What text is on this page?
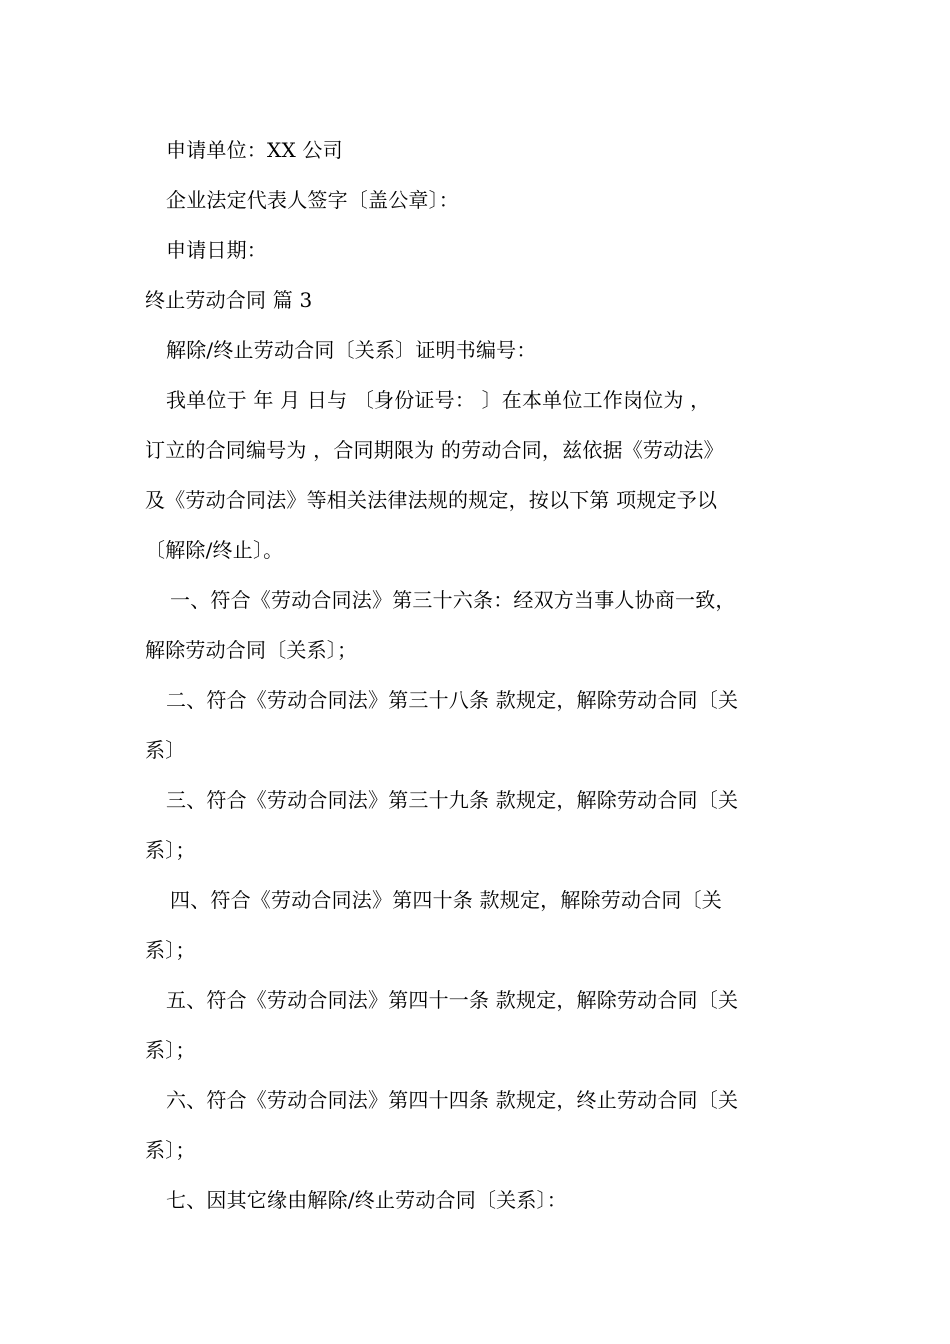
申请单位：XX 公司
企业法定代表人签字〔盖公章〕：
申请日期：
终止劳动合同 篇 3
解除/终止劳动合同〔关系〕证明书编号：
我单位于 年 月 日与 〔身份证号： 〕在本单位工作岗位为 ，
订立的合同编号为 ，合同期限为 的劳动合同，兹依据《劳动法》
及《劳动合同法》等相关法律法规的规定，按以下第 项规定予以
〔解除/终止〕。
一、符合《劳动合同法》第三十六条：经双方当事人协商一致，
解除劳动合同〔关系〕；
二、符合《劳动合同法》第三十八条 款规定，解除劳动合同〔关
系〕
三、符合《劳动合同法》第三十九条 款规定，解除劳动合同〔关
系〕；
四、符合《劳动合同法》第四十条 款规定，解除劳动合同〔关
系〕；
五、符合《劳动合同法》第四十一条 款规定，解除劳动合同〔关
系〕；
六、符合《劳动合同法》第四十四条 款规定，终止劳动合同〔关
系〕；
七、因其它缘由解除/终止劳动合同〔关系〕：
